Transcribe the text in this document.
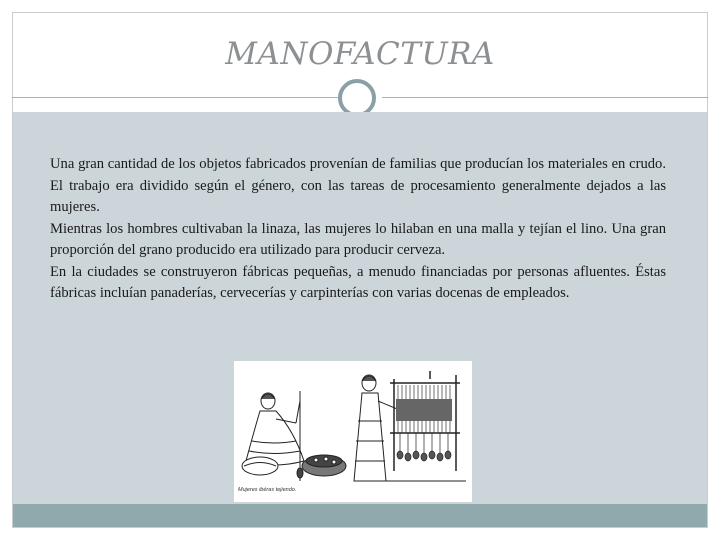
MANOFACTURA

Una gran cantidad de los objetos fabricados provenían de familias que producían los materiales en crudo. El trabajo era dividido según el género, con las tareas de procesamiento generalmente dejados a las mujeres.

Mientras los hombres cultivaban la linaza, las mujeres lo hilaban en una malla y tejían el lino. Una gran proporción del grano producido era utilizado para producir cerveza.

En la ciudades se construyeron fábricas pequeñas, a menudo financiadas por personas afluentes. Éstas fábricas incluían panaderías, cervecerías y carpinterías con varias docenas de empleados.

Mujeres ibéras tejiendo.
